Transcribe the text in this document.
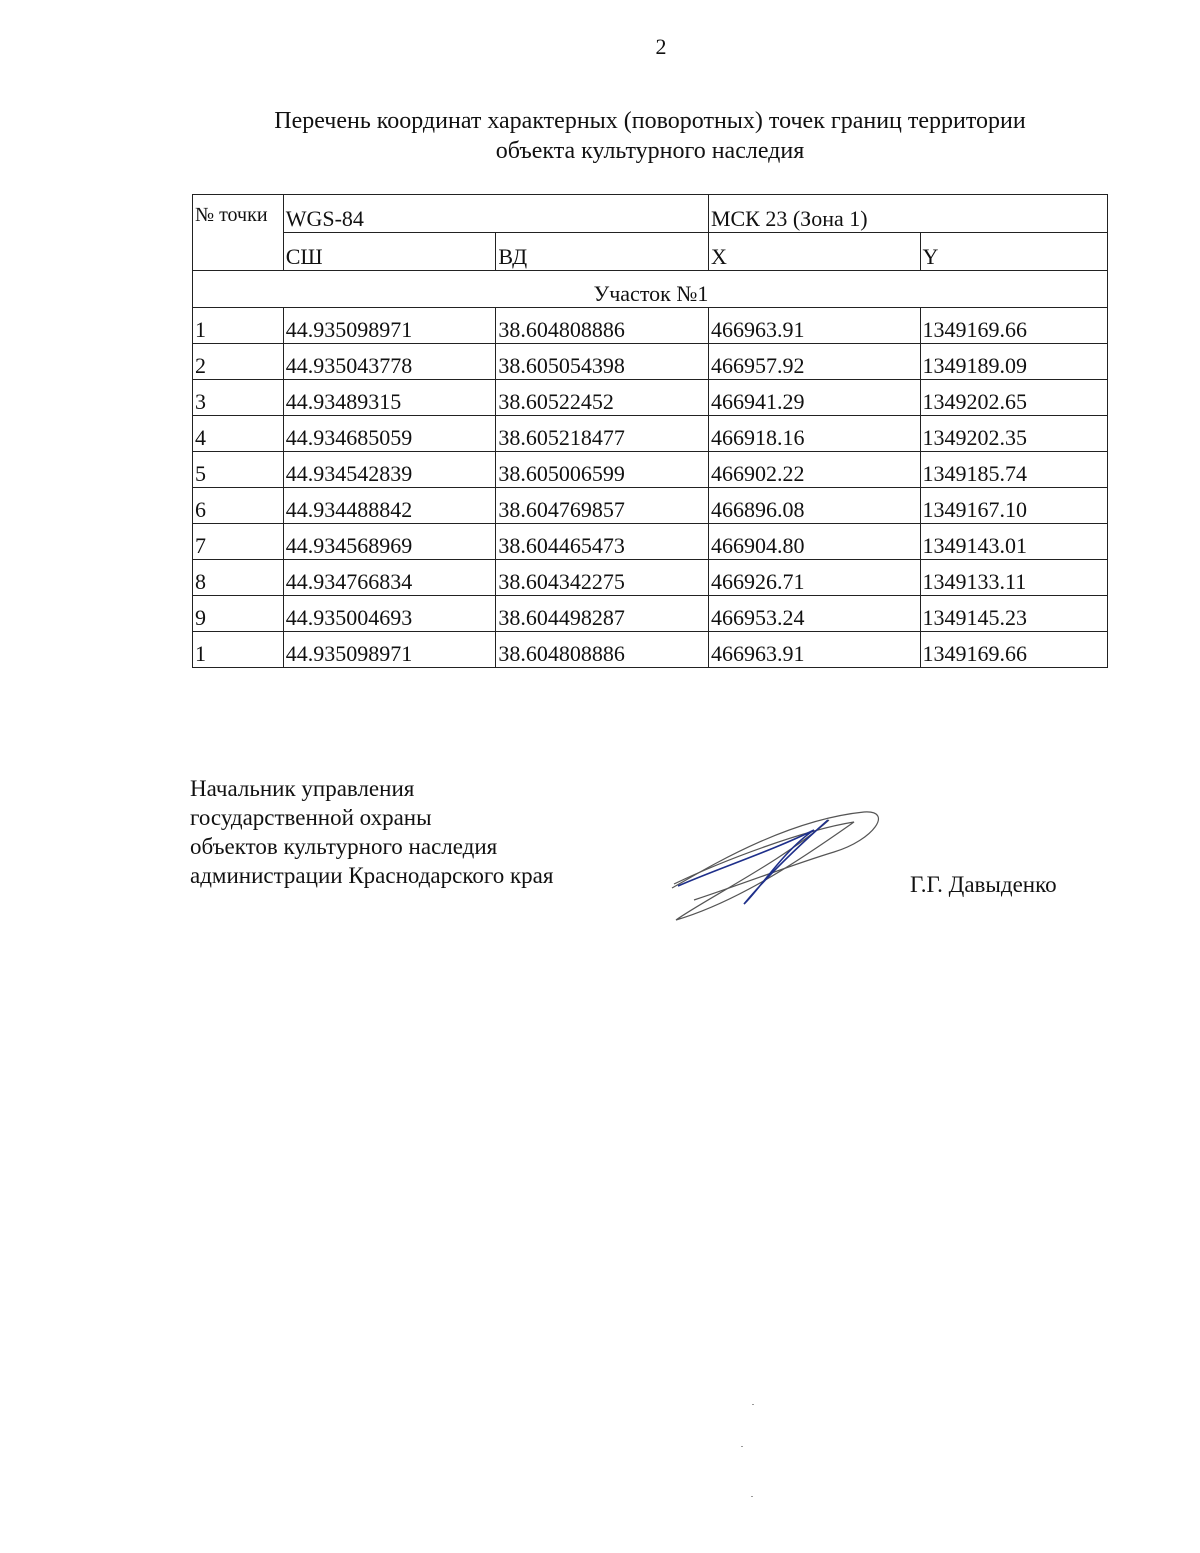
2
Перечень координат характерных (поворотных) точек границ территории
объекта культурного наследия
№ точки	WGS-84		МСК 23 (Зона 1)	
	СШ	ВД	X	Y
Участок №1				
1	44.935098971	38.604808886	466963.91	1349169.66
2	44.935043778	38.605054398	466957.92	1349189.09
3	44.93489315	38.60522452	466941.29	1349202.65
4	44.934685059	38.605218477	466918.16	1349202.35
5	44.934542839	38.605006599	466902.22	1349185.74
6	44.934488842	38.604769857	466896.08	1349167.10
7	44.934568969	38.604465473	466904.80	1349143.01
8	44.934766834	38.604342275	466926.71	1349133.11
9	44.935004693	38.604498287	466953.24	1349145.23
1	44.935098971	38.604808886	466963.91	1349169.66
Начальник управления
государственной охраны
объектов культурного наследия
администрации Краснодарского края	Г.Г. Давыденко
